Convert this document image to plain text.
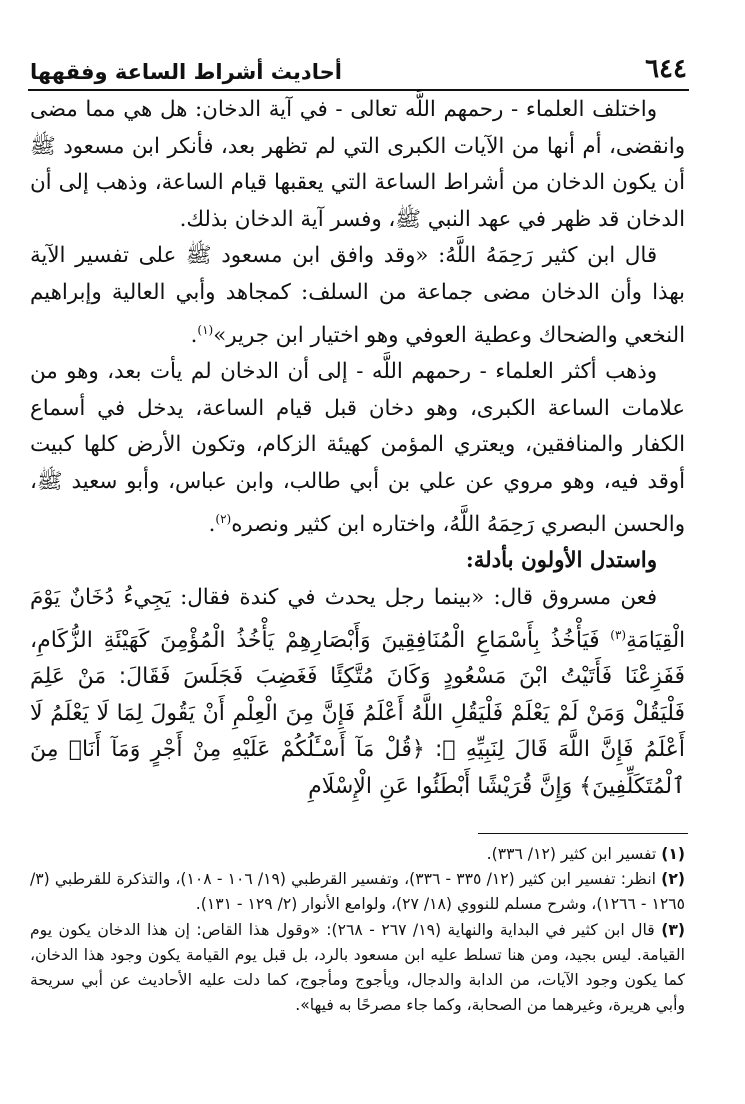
٦٤٤
أحاديث أشراط الساعة وفقهها

واختلف العلماء - رحمهم اللَّه تعالى - في آية الدخان: هل هي مما مضى وانقضى، أم أنها من الآيات الكبرى التي لم تظهر بعد، فأنكر ابن مسعود ﷺ أن يكون الدخان من أشراط الساعة التي يعقبها قيام الساعة، وذهب إلى أن الدخان قد ظهر في عهد النبي ﷺ، وفسر آية الدخان بذلك.

قال ابن كثير رَحِمَهُ اللَّهُ: «وقد وافق ابن مسعود ﷺ على تفسير الآية بهذا وأن الدخان مضى جماعة من السلف: كمجاهد وأبي العالية وإبراهيم النخعي والضحاك وعطية العوفي وهو اختيار ابن جرير»$^{(١)}$.

وذهب أكثر العلماء - رحمهم اللَّه - إلى أن الدخان لم يأت بعد، وهو من علامات الساعة الكبرى، وهو دخان قبل قيام الساعة، يدخل في أسماع الكفار والمنافقين، ويعتري المؤمن كهيئة الزكام، وتكون الأرض كلها كبيت أوقد فيه، وهو مروي عن علي بن أبي طالب، وابن عباس، وأبو سعيد ﷺ، والحسن البصري رَحِمَهُ اللَّهُ، واختاره ابن كثير ونصره$^{(٢)}$.

واستدل الأولون بأدلة:

فعن مسروق قال: «بينما رجل يحدث في كندة فقال: يَجِيءُ دُخَانٌ يَوْمَ الْقِيَامَةِ$^{(٣)}$ فَيَأْخُذُ بِأَسْمَاعِ الْمُنَافِقِينَ وَأَبْصَارِهِمْ يَأْخُذُ الْمُؤْمِنَ كَهَيْئَةِ الزُّكَامِ، فَفَزِعْنَا فَأَتَيْتُ ابْنَ مَسْعُودٍ وَكَانَ مُتَّكِئًا فَغَضِبَ فَجَلَسَ فَقَالَ: مَنْ عَلِمَ فَلْيَقُلْ وَمَنْ لَمْ يَعْلَمْ فَلْيَقُلِ اللَّهُ أَعْلَمُ فَإِنَّ مِنَ الْعِلْمِ أَنْ يَقُولَ لِمَا لَا يَعْلَمُ لَا أَعْلَمُ فَإِنَّ اللَّهَ قَالَ لِنَبِيِّهِ ﷺ: ﴿قُلْ مَآ أَسْـَٔلُكُمْ عَلَيْهِ مِنْ أَجْرٍ وَمَآ أَنَا۠ مِنَ ٱلْمُتَكَلِّفِينَ﴾ وَإِنَّ قُرَيْشًا أَبْطَئُوا عَنِ الْإِسْلَامِ

(١) تفسير ابن كثير (١٢/ ٣٣٦).

(٢) انظر: تفسير ابن كثير (١٢/ ٣٣٥ - ٣٣٦)، وتفسير القرطبي (١٩/ ١٠٦ - ١٠٨)، والتذكرة للقرطبي (٣/ ١٢٦٥ - ١٢٦٦)، وشرح مسلم للنووي (١٨/ ٢٧)، ولوامع الأنوار (٢/ ١٢٩ - ١٣١).

(٣) قال ابن كثير في البداية والنهاية (١٩/ ٢٦٧ - ٢٦٨): «وقول هذا القاص: إن هذا الدخان يكون يوم القيامة. ليس بجيد، ومن هنا تسلط عليه ابن مسعود بالرد، بل قبل يوم القيامة يكون وجود هذا الدخان، كما يكون وجود الآيات، من الدابة والدجال، ويأجوج ومأجوج، كما دلت عليه الأحاديث عن أبي سريحة وأبي هريرة، وغيرهما من الصحابة، وكما جاء مصرحًا به فيها».
